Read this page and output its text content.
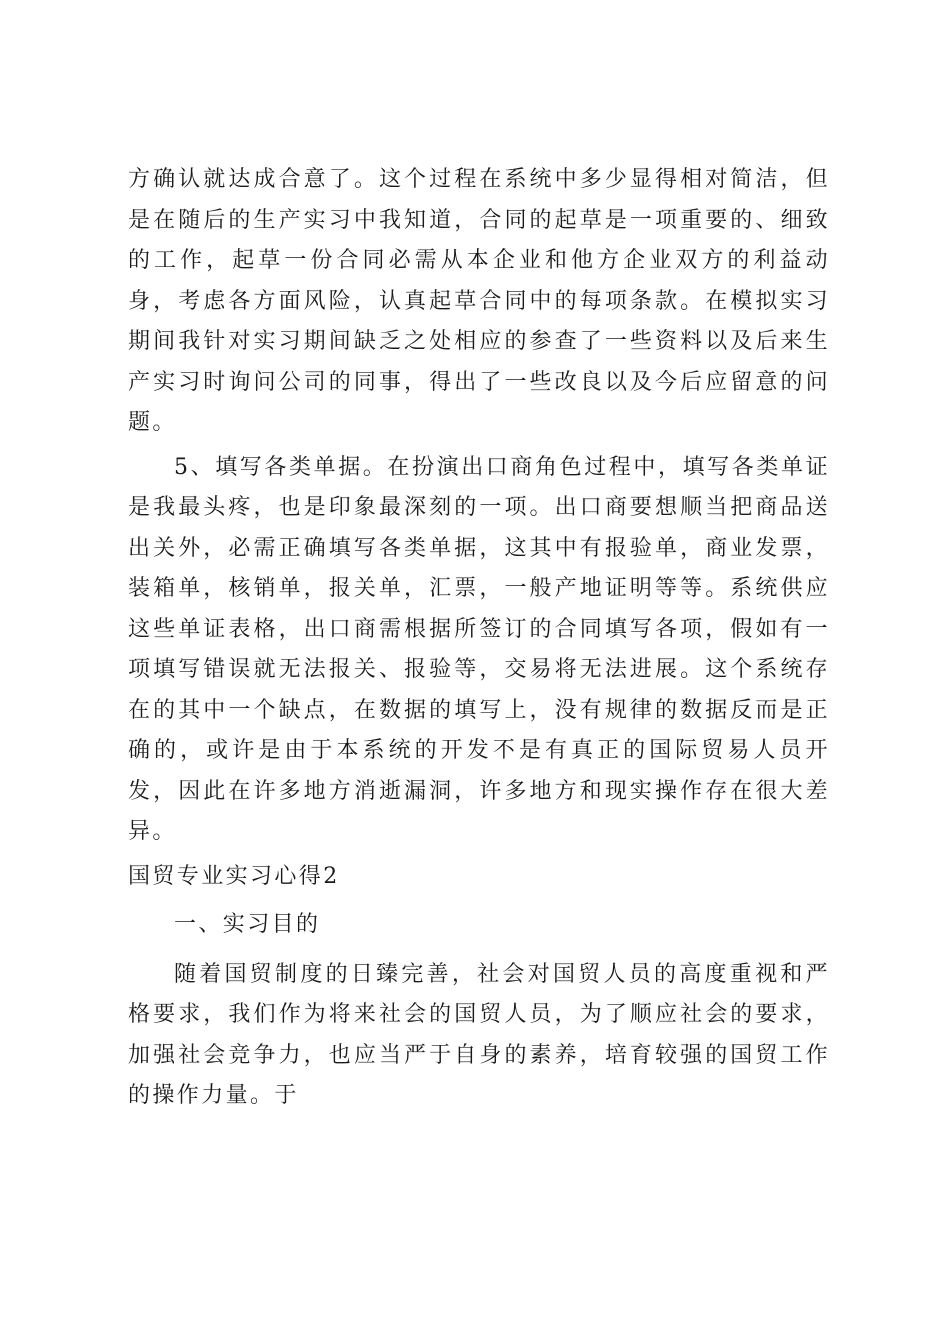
方确认就达成合意了。这个过程在系统中多少显得相对简洁，但是在随后的生产实习中我知道，合同的起草是一项重要的、细致的工作，起草一份合同必需从本企业和他方企业双方的利益动身，考虑各方面风险，认真起草合同中的每项条款。在模拟实习期间我针对实习期间缺乏之处相应的参查了一些资料以及后来生产实习时询问公司的同事，得出了一些改良以及今后应留意的问题。

5、填写各类单据。在扮演出口商角色过程中，填写各类单证是我最头疼，也是印象最深刻的一项。出口商要想顺当把商品送出关外，必需正确填写各类单据，这其中有报验单，商业发票，装箱单，核销单，报关单，汇票，一般产地证明等等。系统供应这些单证表格，出口商需根据所签订的合同填写各项，假如有一项填写错误就无法报关、报验等，交易将无法进展。这个系统存在的其中一个缺点，在数据的填写上，没有规律的数据反而是正确的，或许是由于本系统的开发不是有真正的国际贸易人员开发，因此在许多地方消逝漏洞，许多地方和现实操作存在很大差异。

国贸专业实习心得2

一、实习目的

随着国贸制度的日臻完善，社会对国贸人员的高度重视和严格要求，我们作为将来社会的国贸人员，为了顺应社会的要求，加强社会竞争力，也应当严于自身的素养，培育较强的国贸工作的操作力量。于
